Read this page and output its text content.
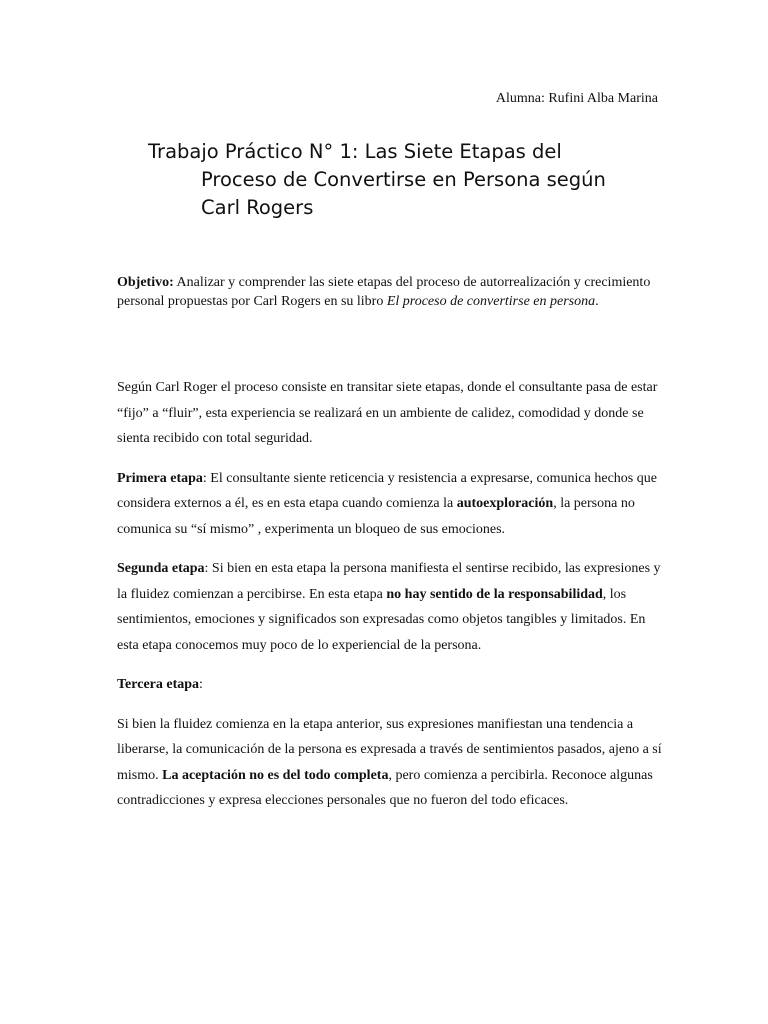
Alumna: Rufini Alba Marina

Trabajo Práctico N° 1: Las Siete Etapas del
Proceso de Convertirse en Persona según
Carl Rogers

Objetivo: Analizar y comprender las siete etapas del proceso de autorrealización y crecimiento personal propuestas por Carl Rogers en su libro El proceso de convertirse en persona.

Según Carl Roger el proceso consiste en transitar siete etapas, donde el consultante pasa de estar “fijo” a “fluir”, esta experiencia se realizará en un ambiente de calidez, comodidad y donde se sienta recibido con total seguridad.

Primera etapa: El consultante siente reticencia y resistencia a expresarse, comunica hechos que considera externos a él, es en esta etapa cuando comienza la autoexploración, la persona no comunica su “sí mismo” , experimenta un bloqueo de sus emociones.

Segunda etapa: Si bien en esta etapa la persona manifiesta el sentirse recibido, las expresiones y la fluidez comienzan a percibirse. En esta etapa no hay sentido de la responsabilidad, los sentimientos, emociones y significados son expresadas como objetos tangibles y limitados. En esta etapa conocemos muy poco de lo experiencial de la persona.

Tercera etapa:

Si bien la fluidez comienza en la etapa anterior, sus expresiones manifiestan una tendencia a liberarse, la comunicación de la persona es expresada a través de sentimientos pasados, ajeno a sí mismo. La aceptación no es del todo completa, pero comienza a percibirla. Reconoce algunas contradicciones y expresa elecciones personales que no fueron del todo eficaces.
